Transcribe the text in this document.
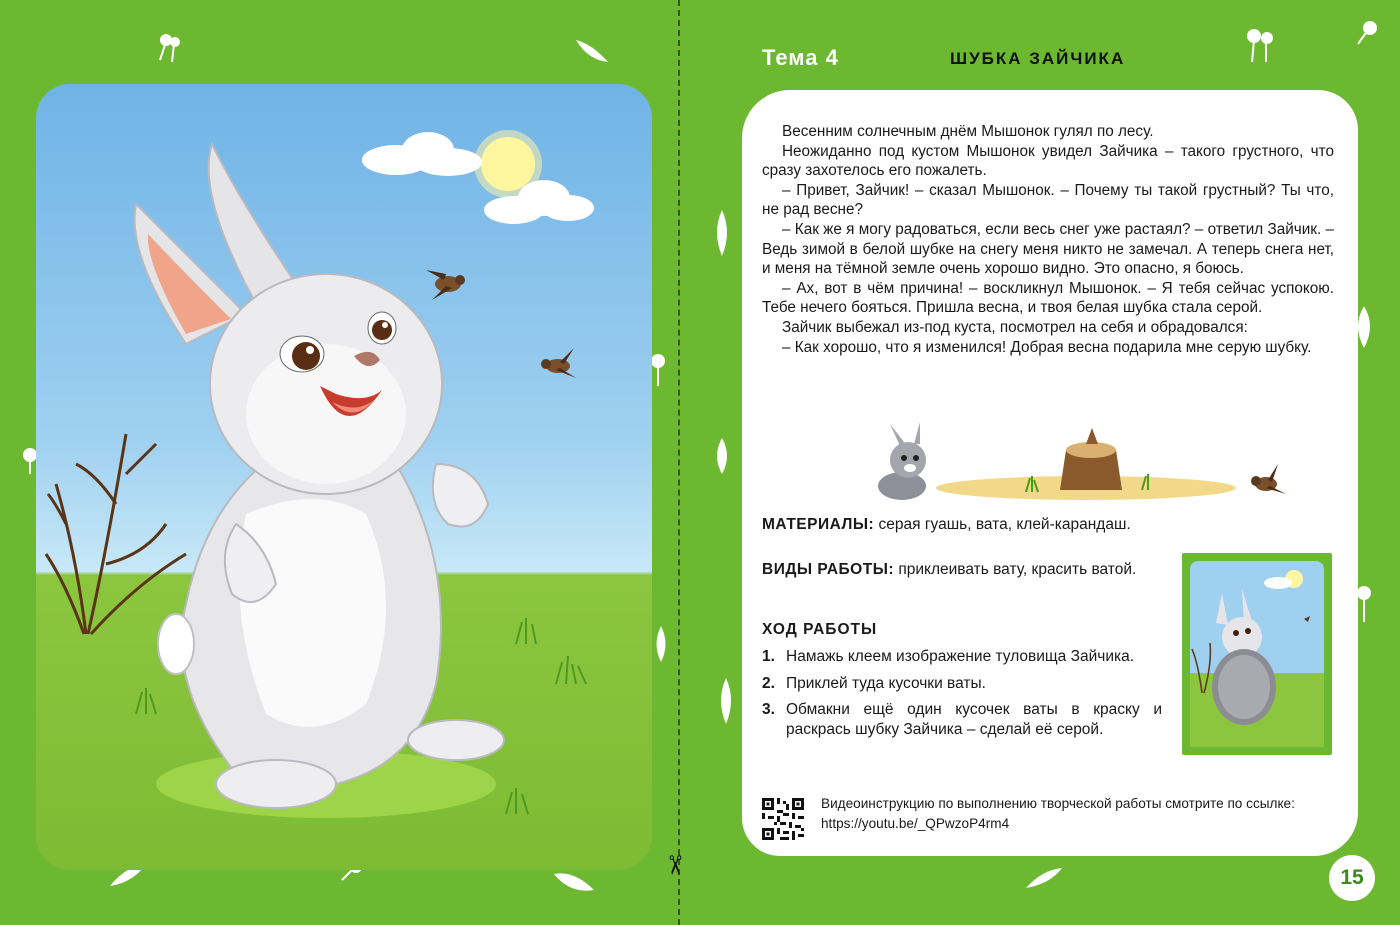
✂
Тема 4	ШУБКА ЗАЙЧИКА

Весенним солнечным днём Мышонок гулял по лесу.

Неожиданно под кустом Мышонок увидел Зайчика – такого грустного, что сразу захотелось его пожалеть.

– Привет, Зайчик! – сказал Мышонок. – Почему ты такой грустный? Ты что, не рад весне?

– Как же я могу радоваться, если весь снег уже растаял? – ответил Зайчик. – Ведь зимой в белой шубке на снегу меня никто не замечал. А теперь снега нет, и меня на тёмной земле очень хорошо видно. Это опасно, я боюсь.

– Ах, вот в чём причина! – воскликнул Мышонок. – Я тебя сейчас успокою. Тебе нечего бояться. Пришла весна, и твоя белая шубка стала серой.

Зайчик выбежал из-под куста, посмотрел на себя и обрадовался:

– Как хорошо, что я изменился! Добрая весна подарила мне серую шубку.

МАТЕРИАЛЫ: серая гуашь, вата, клей-карандаш.
ВИДЫ РАБОТЫ: приклеивать вату, красить ватой.
ХОД РАБОТЫ
1. Намажь клеем изображение туловища Зайчика.
2. Приклей туда кусочки ваты.
3. Обмакни ещё один кусочек ваты в краску и раскрась шубку Зайчика – сделай её серой.
Видеоинструкцию по выполнению творческой работы смотрите по ссылке: https://youtu.be/_QPwzoP4rm4
15
